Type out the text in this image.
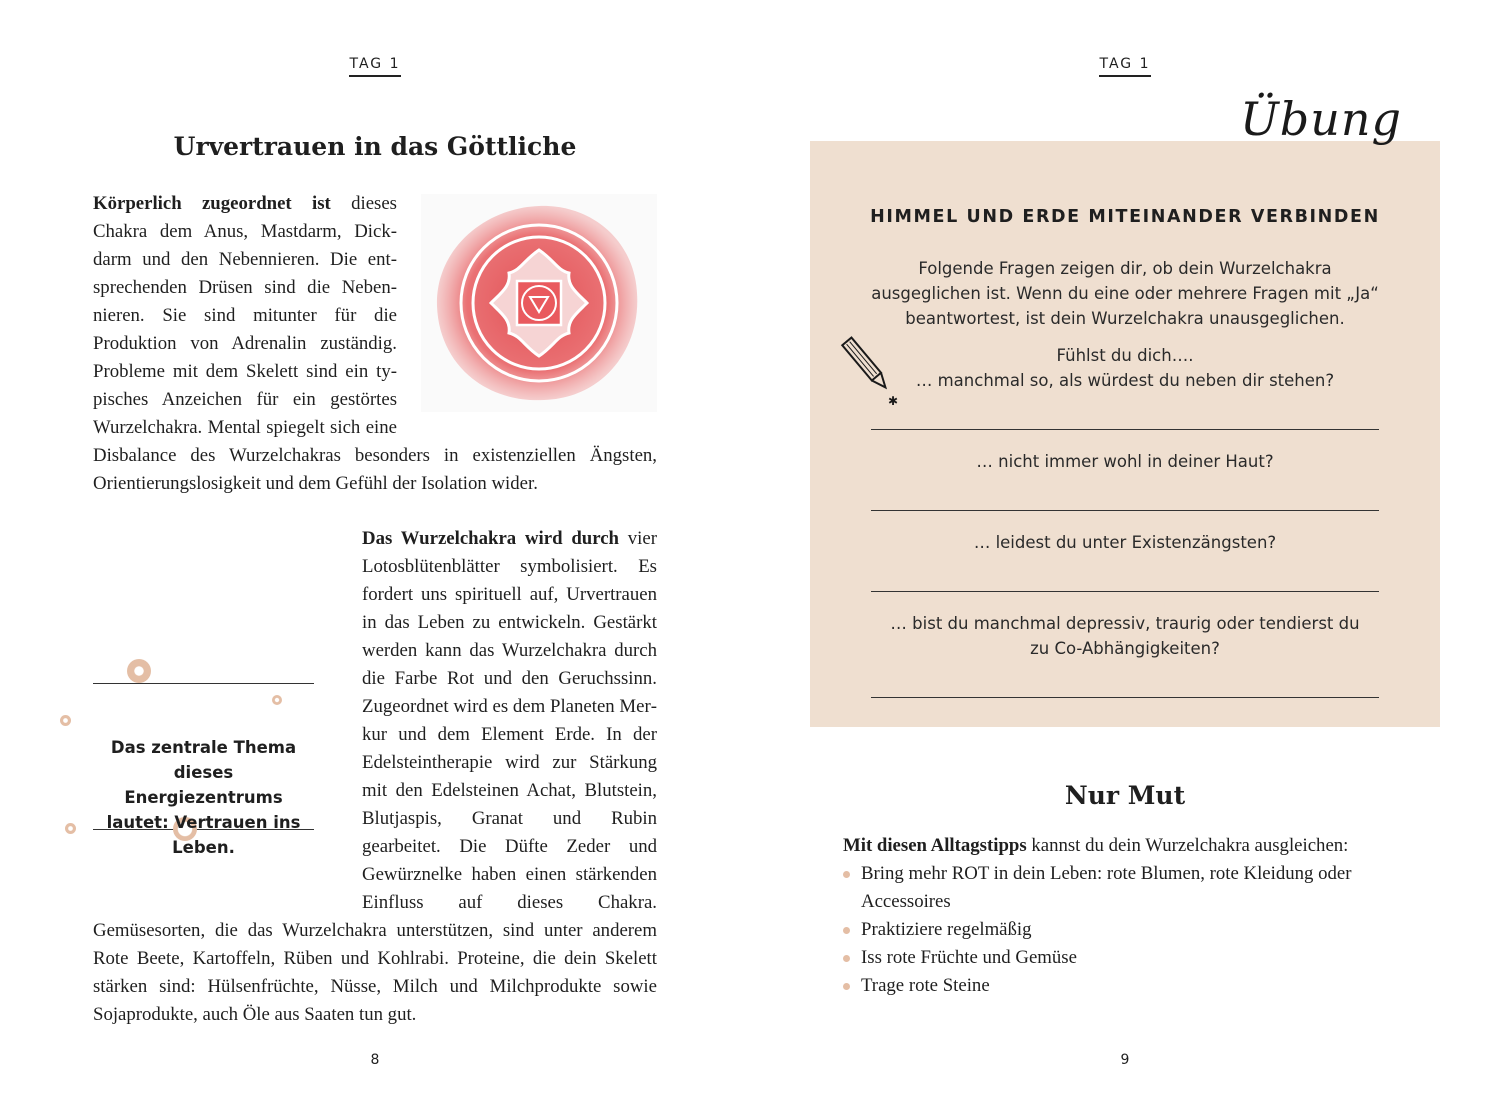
TAG 1
Urvertrauen in das Göttliche
Körperlich zugeordnet ist dieses Chakra dem Anus, Mastdarm, Dickdarm und den Nebennieren. Die entsprechenden Drüsen sind die Nebennieren. Sie sind mitunter für die Produktion von Adrenalin zuständig. Probleme mit dem Skelett sind ein typisches Anzeichen für ein gestörtes Wurzelchakra. Mental spiegelt sich eine Disbalance des Wurzelchakras besonders in existenziellen Ängsten, Orientierungslosigkeit und dem Gefühl der Isolation wider.
Das zentrale Thema dieses Energiezentrums lautet: Vertrauen ins Leben.
Das Wurzelchakra wird durch vier Lotosblütenblätter symbolisiert. Es fordert uns spirituell auf, Urvertrauen in das Leben zu entwickeln. Gestärkt werden kann das Wurzelchakra durch die Farbe Rot und den Geruchssinn. Zugeordnet wird es dem Planeten Merkur und dem Element Erde. In der Edelsteintherapie wird zur Stärkung mit den Edelsteinen Achat, Blutstein, Blutjaspis, Granat und Rubin gearbeitet. Die Düfte Zeder und Gewürznelke haben einen stärkenden Einfluss auf dieses Chakra. Gemüsesorten, die das Wurzelchakra unterstützen, sind unter anderem Rote Beete, Kartoffeln, Rüben und Kohlrabi. Proteine, die dein Skelett stärken sind: Hülsenfrüchte, Nüsse, Milch und Milchprodukte sowie Sojaprodukte, auch Öle aus Saaten tun gut.
8
TAG 1
HIMMEL UND ERDE MITEINANDER VERBINDEN
Folgende Fragen zeigen dir, ob dein Wurzelchakra ausgeglichen ist. Wenn du eine oder mehrere Fragen mit „Ja“ beantwortest, ist dein Wurzelchakra unausgeglichen.
Fühlst du dich….
… manchmal so, als würdest du neben dir stehen?
… nicht immer wohl in deiner Haut?
… leidest du unter Existenzängsten?
… bist du manchmal depressiv, traurig oder tendierst du zu Co-Abhängigkeiten?
✱
Übung
Nur Mut
Mit diesen Alltagstipps kannst du dein Wurzelchakra ausgleichen:
Bring mehr ROT in dein Leben: rote Blumen, rote Kleidung oder Accessoires
Praktiziere regelmäßig
Iss rote Früchte und Gemüse
Trage rote Steine
9
